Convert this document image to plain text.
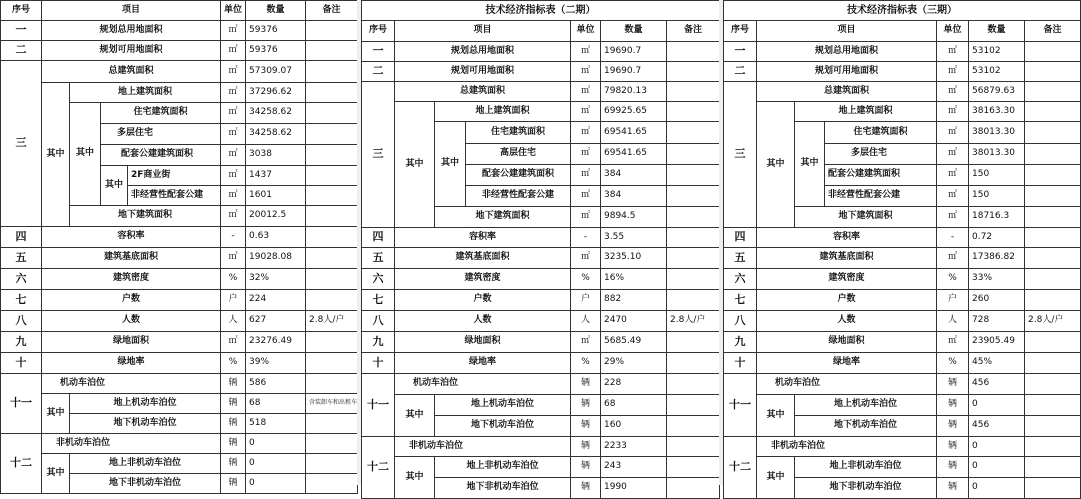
序号	项目				单位	数量	备注
一	规划总用地面积				㎡	59376	
二	规划可用地面积				㎡	59376	
三	总建筑面积				㎡	57309.07	
	其中	地上建筑面积			㎡	37296.62	
		其中	住宅建筑面积		㎡	34258.62	
			多层住宅		㎡	34258.62	
			配套公建建筑面积		㎡	3038	
			其中	2F商业街	㎡	1437	
				非经营性配套公建	㎡	1601	
		地下建筑面积			㎡	20012.5	
四	容积率				-	0.63	
五	建筑基底面积				㎡	19028.08	
六	建筑密度				%	32%	
七	户数				户	224	
八	人数				人	627	2.8人/户
九	绿地面积				㎡	23276.49	
十	绿地率				%	39%	
十一	机动车泊位				辆	586	
	其中	地上机动车泊位			辆	68	含装卸车和出租车
		地下机动车泊位			辆	518	
十二	非机动车泊位				辆	0	
	其中	地上非机动车泊位			辆	0	
		地下非机动车泊位			辆	0	
技术经济指标表（二期）						
序号	项目			单位	数量	备注
一	规划总用地面积			㎡	19690.7	
二	规划可用地面积			㎡	19690.7	
三	总建筑面积			㎡	79820.13	
	其中	地上建筑面积		㎡	69925.65	
		其中	住宅建筑面积	㎡	69541.65	
			高层住宅	㎡	69541.65	
			配套公建建筑面积	㎡	384	
			非经营性配套公建	㎡	384	
		地下建筑面积		㎡	9894.5	
四	容积率			-	3.55	
五	建筑基底面积			㎡	3235.10	
六	建筑密度			%	16%	
七	户数			户	882	
八	人数			人	2470	2.8人/户
九	绿地面积			㎡	5685.49	
十	绿地率			%	29%	
十一	机动车泊位			辆	228	
	其中	地上机动车泊位		辆	68	
		地下机动车泊位		辆	160	
十二	非机动车泊位			辆	2233	
	其中	地上非机动车泊位		辆	243	
		地下非机动车泊位		辆	1990	
技术经济指标表（三期）						
序号	项目			单位	数量	备注
一	规划总用地面积			㎡	53102	
二	规划可用地面积			㎡	53102	
三	总建筑面积			㎡	56879.63	
	其中	地上建筑面积		㎡	38163.30	
		其中	住宅建筑面积	㎡	38013.30	
			多层住宅	㎡	38013.30	
			配套公建建筑面积	㎡	150	
			非经营性配套公建	㎡	150	
		地下建筑面积		㎡	18716.3	
四	容积率			-	0.72	
五	建筑基底面积			㎡	17386.82	
六	建筑密度			%	33%	
七	户数			户	260	
八	人数			人	728	2.8人/户
九	绿地面积			㎡	23905.49	
十	绿地率			%	45%	
十一	机动车泊位			辆	456	
	其中	地上机动车泊位		辆	0	
		地下机动车泊位		辆	456	
十二	非机动车泊位			辆	0	
	其中	地上非机动车泊位		辆	0	
		地下非机动车泊位		辆	0	
